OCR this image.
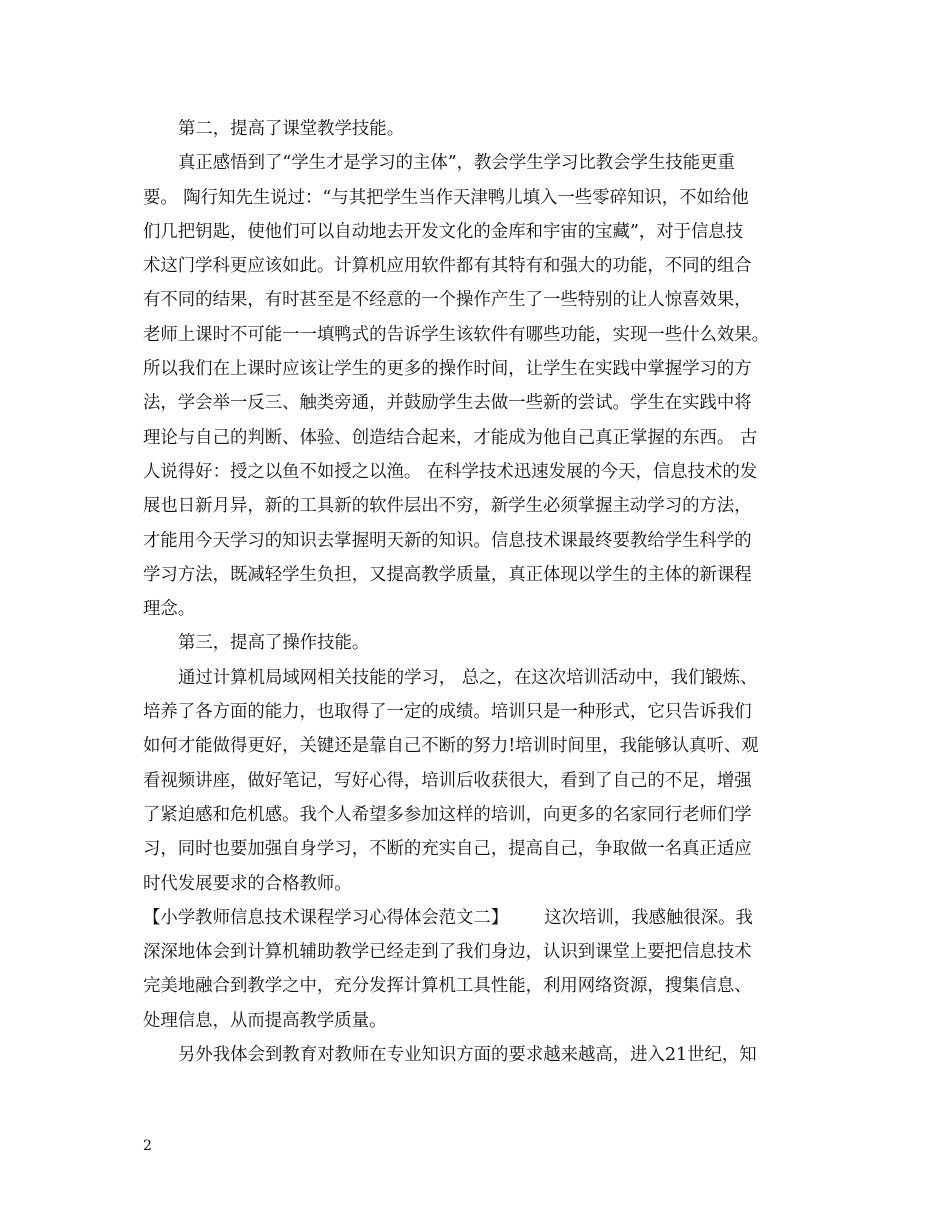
第二，提高了课堂教学技能。
真正感悟到了“学生才是学习的主体”，教会学生学习比教会学生技能更重
要。 陶行知先生说过：“与其把学生当作天津鸭儿填入一些零碎知识，不如给他
们几把钥匙，使他们可以自动地去开发文化的金库和宇宙的宝藏”，对于信息技
术这门学科更应该如此。计算机应用软件都有其特有和强大的功能，不同的组合
有不同的结果，有时甚至是不经意的一个操作产生了一些特别的让人惊喜效果，
老师上课时不可能一一填鸭式的告诉学生该软件有哪些功能，实现一些什么效果。
所以我们在上课时应该让学生的更多的操作时间，让学生在实践中掌握学习的方
法，学会举一反三、触类旁通，并鼓励学生去做一些新的尝试。学生在实践中将
理论与自己的判断、体验、创造结合起来，才能成为他自己真正掌握的东西。 古
人说得好：授之以鱼不如授之以渔。 在科学技术迅速发展的今天，信息技术的发
展也日新月异，新的工具新的软件层出不穷，新学生必须掌握主动学习的方法，
才能用今天学习的知识去掌握明天新的知识。信息技术课最终要教给学生科学的
学习方法，既减轻学生负担，又提高教学质量，真正体现以学生的主体的新课程
理念。
第三，提高了操作技能。
通过计算机局域网相关技能的学习， 总之，在这次培训活动中，我们锻炼、
培养了各方面的能力，也取得了一定的成绩。培训只是一种形式，它只告诉我们
如何才能做得更好，关键还是靠自己不断的努力!培训时间里，我能够认真听、观
看视频讲座，做好笔记，写好心得，培训后收获很大，看到了自己的不足，增强
了紧迫感和危机感。我个人希望多参加这样的培训，向更多的名家同行老师们学
习，同时也要加强自身学习，不断的充实自己，提高自己，争取做一名真正适应
时代发展要求的合格教师。
【小学教师信息技术课程学习心得体会范文二】 这次培训，我感触很深。我
深深地体会到计算机辅助教学已经走到了我们身边，认识到课堂上要把信息技术
完美地融合到教学之中，充分发挥计算机工具性能，利用网络资源，搜集信息、
处理信息，从而提高教学质量。
另外我体会到教育对教师在专业知识方面的要求越来越高，进入21世纪，知
2
